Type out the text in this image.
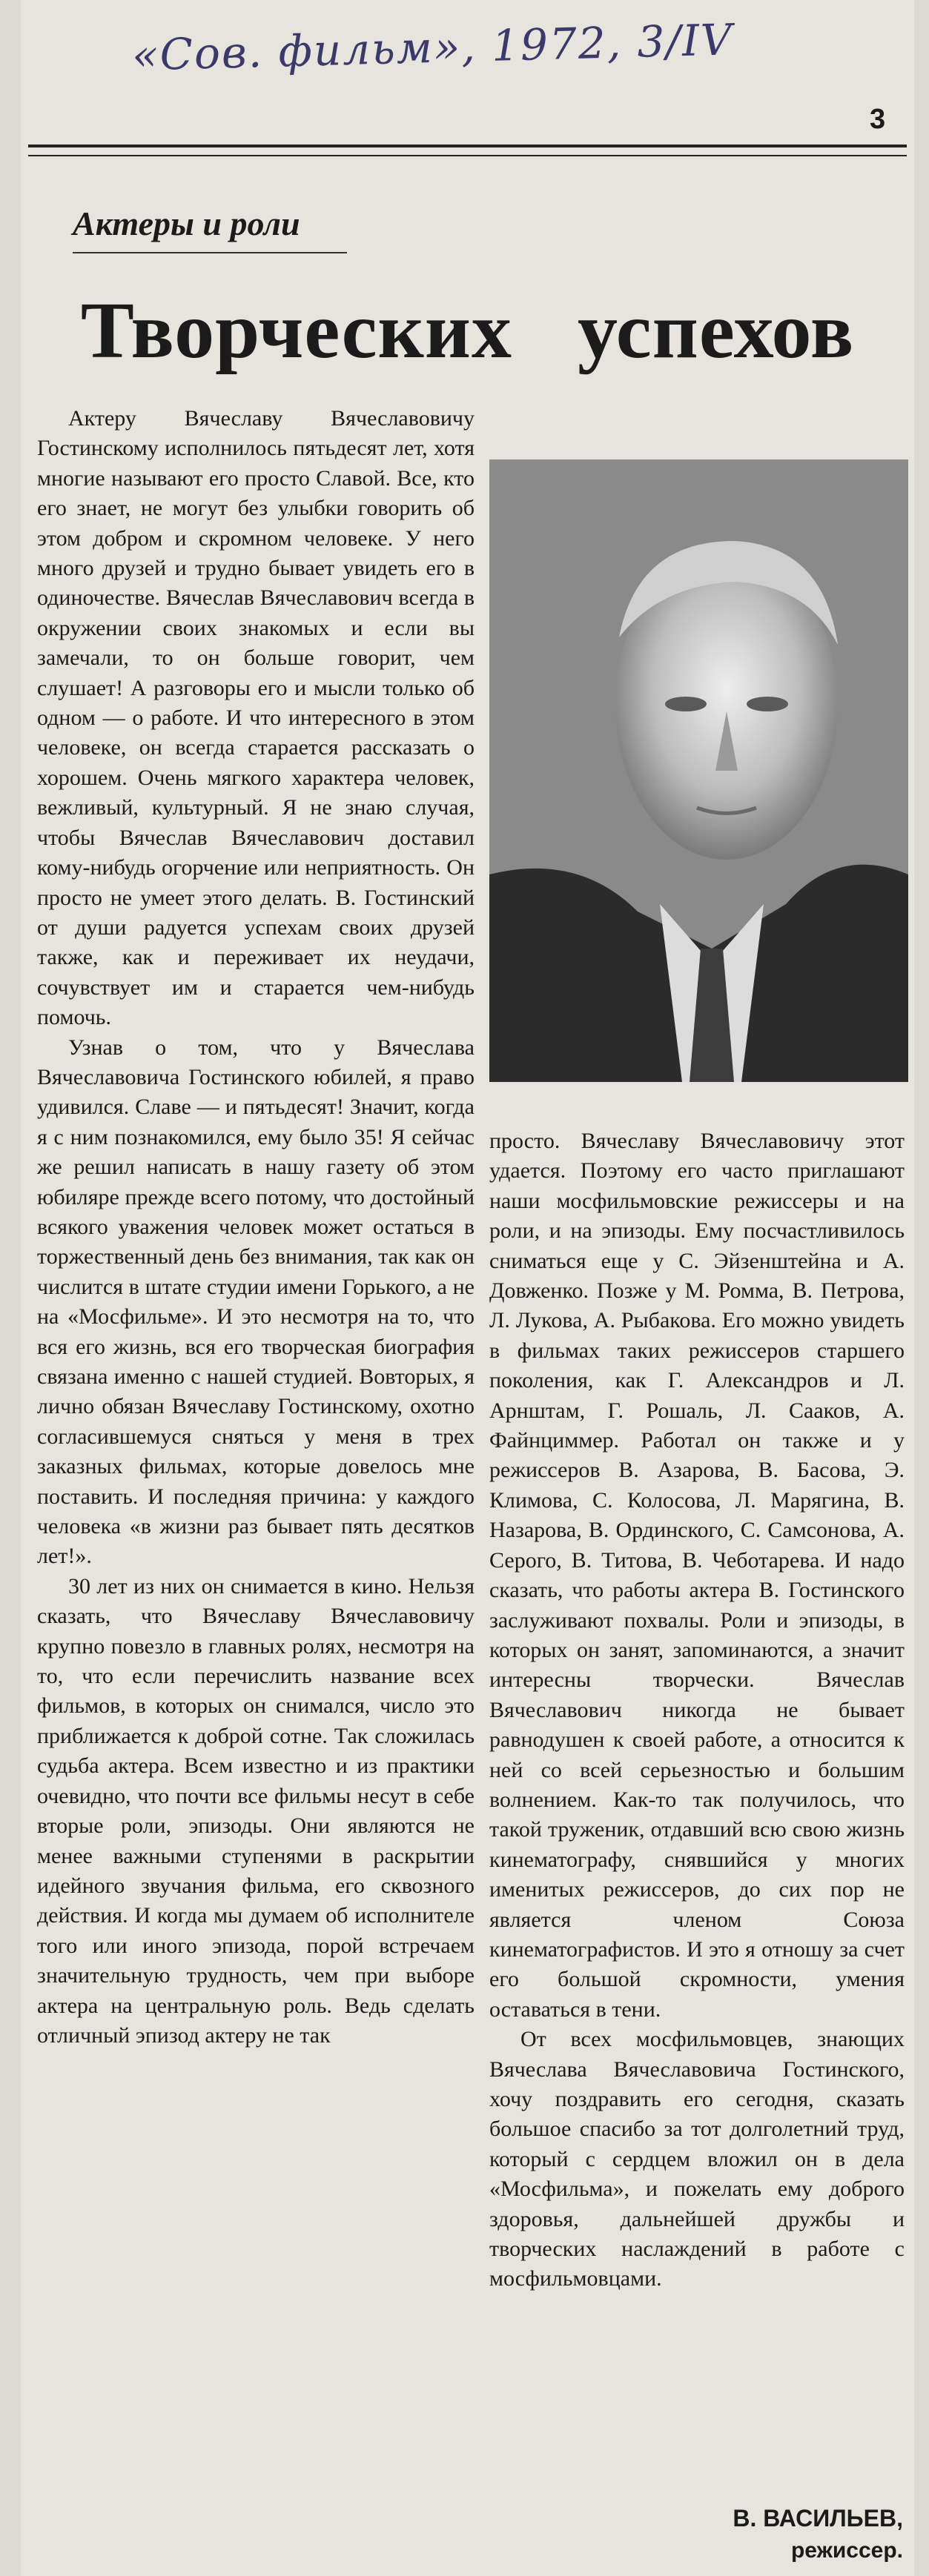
«Сов. фильм», 1972, 3/IV
3
Актеры и роли
Творческих успехов

Актеру Вячеславу Вячеславовичу Гостинскому исполнилось пятьдесят лет, хотя многие называют его просто Славой. Все, кто его знает, не могут без улыбки говорить об этом добром и скромном человеке. У него много друзей и трудно бывает увидеть его в одиночестве. Вячеслав Вячеславович всегда в окружении своих знакомых и если вы замечали, то он больше говорит, чем слушает! А разговоры его и мысли только об одном — о работе. И что интересного в этом человеке, он всегда старается рассказать о хорошем. Очень мягкого характера человек, вежливый, культурный. Я не знаю случая, чтобы Вячеслав Вячеславович доставил кому-нибудь огорчение или неприятность. Он просто не умеет этого делать. В. Гостинский от души радуется успехам своих друзей также, как и переживает их неудачи, сочувствует им и старается чем-нибудь помочь.

Узнав о том, что у Вячеслава Вячеславовича Гостинского юбилей, я право удивился. Славе — и пятьдесят! Значит, когда я с ним познакомился, ему было 35! Я сейчас же решил написать в нашу газету об этом юбиляре прежде всего потому, что достойный всякого уважения человек может остаться в торжественный день без внимания, так как он числится в штате студии имени Горького, а не на «Мосфильме». И это несмотря на то, что вся его жизнь, вся его творческая биография связана именно с нашей студией. Вовторых, я лично обязан Вячеславу Гостинскому, охотно согласившемуся сняться у меня в трех заказных фильмах, которые довелось мне поставить. И последняя причина: у каждого человека «в жизни раз бывает пять десятков лет!».

30 лет из них он снимается в кино. Нельзя сказать, что Вячеславу Вячеславовичу крупно повезло в главных ролях, несмотря на то, что если перечислить название всех фильмов, в которых он снимался, число это приближается к доброй сотне. Так сложилась судьба актера. Всем известно и из практики очевидно, что почти все фильмы несут в себе вторые роли, эпизоды. Они являются не менее важными ступенями в раскрытии идейного звучания фильма, его сквозного действия. И когда мы думаем об исполнителе того или иного эпизода, порой встречаем значительную трудность, чем при выборе актера на центральную роль. Ведь сделать отличный эпизод актеру не так

просто. Вячеславу Вячеславовичу этот удается. Поэтому его часто приглашают наши мосфильмовские режиссеры и на роли, и на эпизоды. Ему посчастливилось сниматься еще у С. Эйзенштейна и А. Довженко. Позже у М. Ромма, В. Петрова, Л. Лукова, А. Рыбакова. Его можно увидеть в фильмах таких режиссеров старшего поколения, как Г. Александров и Л. Арнштам, Г. Рошаль, Л. Сааков, А. Файнциммер. Работал он также и у режиссеров В. Азарова, В. Басова, Э. Климова, С. Колосова, Л. Марягина, В. Назарова, В. Ординского, С. Самсонова, А. Серого, В. Титова, В. Чеботарева. И надо сказать, что работы актера В. Гостинского заслуживают похвалы. Роли и эпизоды, в которых он занят, запоминаются, а значит интересны творчески. Вячеслав Вячеславович никогда не бывает равнодушен к своей работе, а относится к ней со всей серьезностью и большим волнением. Как-то так получилось, что такой труженик, отдавший всю свою жизнь кинематографу, снявшийся у многих именитых режиссеров, до сих пор не является членом Союза кинематографистов. И это я отношу за счет его большой скромности, умения оставаться в тени.

От всех мосфильмовцев, знающих Вячеслава Вячеславовича Гостинского, хочу поздравить его сегодня, сказать большое спасибо за тот долголетний труд, который с сердцем вложил он в дела «Мосфильма», и пожелать ему доброго здоровья, дальнейшей дружбы и творческих наслаждений в работе с мосфильмовцами.

В. ВАСИЛЬЕВ,
режиссер.
